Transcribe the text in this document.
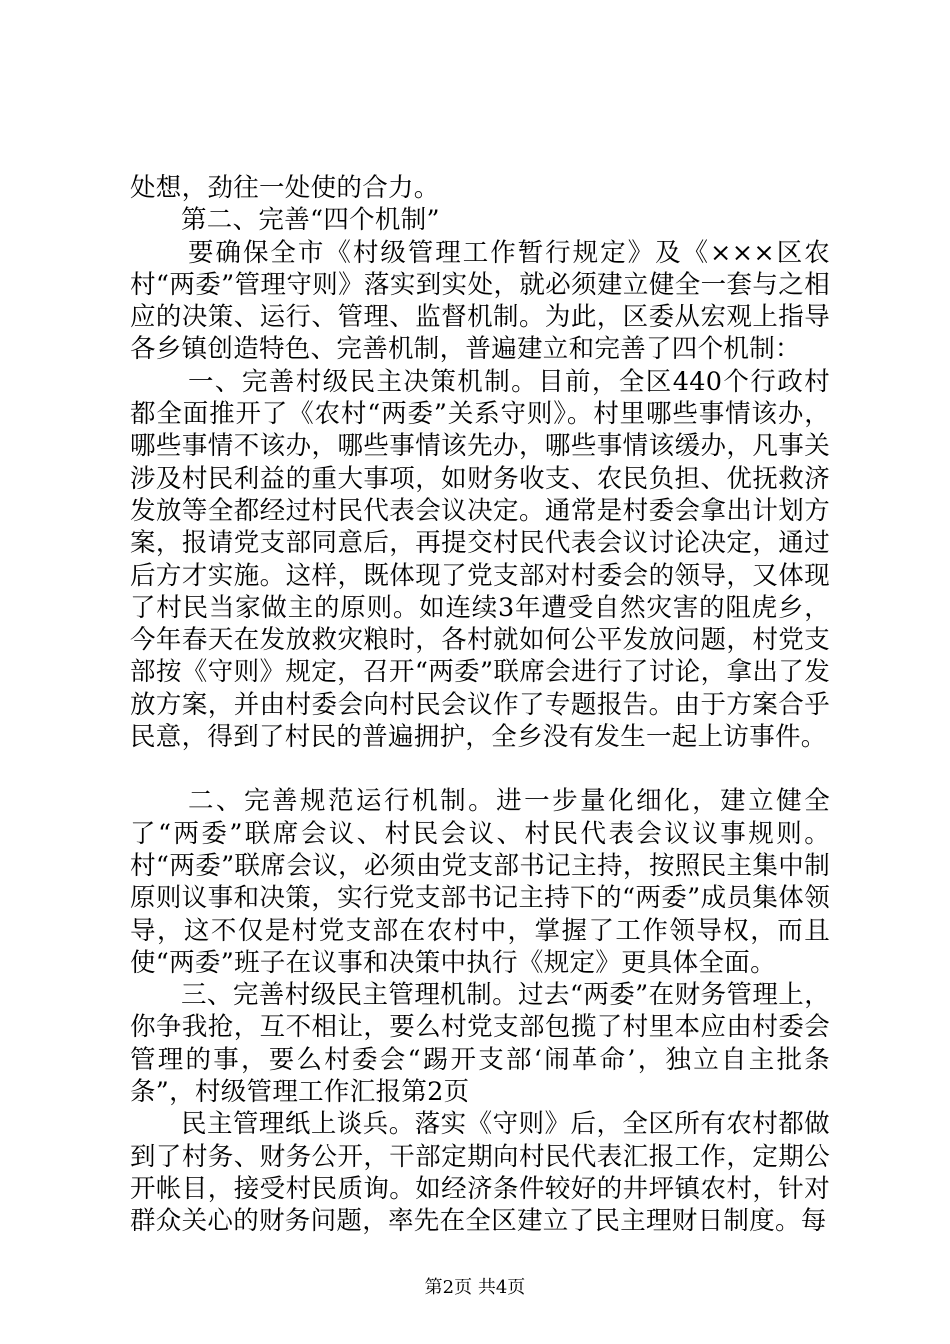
处想，劲往一处使的合力。

第二、完善“四个机制”

要确保全市《村级管理工作暂行规定》及《×××区农村“两委”管理守则》落实到实处，就必须建立健全一套与之相应的决策、运行、管理、监督机制。为此，区委从宏观上指导各乡镇创造特色、完善机制，普遍建立和完善了四个机制：

一、完善村级民主决策机制。目前，全区440个行政村都全面推开了《农村“两委”关系守则》。村里哪些事情该办，哪些事情不该办，哪些事情该先办，哪些事情该缓办，凡事关涉及村民利益的重大事项，如财务收支、农民负担、优抚救济发放等全都经过村民代表会议决定。通常是村委会拿出计划方案，报请党支部同意后，再提交村民代表会议讨论决定，通过后方才实施。这样，既体现了党支部对村委会的领导，又体现了村民当家做主的原则。如连续3年遭受自然灾害的阻虎乡，今年春天在发放救灾粮时，各村就如何公平发放问题，村党支部按《守则》规定，召开“两委”联席会进行了讨论，拿出了发放方案，并由村委会向村民会议作了专题报告。由于方案合乎民意，得到了村民的普遍拥护，全乡没有发生一起上访事件。

二、完善规范运行机制。进一步量化细化，建立健全了“两委”联席会议、村民会议、村民代表会议议事规则。村“两委”联席会议，必须由党支部书记主持，按照民主集中制原则议事和决策，实行党支部书记主持下的“两委”成员集体领导，这不仅是村党支部在农村中，掌握了工作领导权，而且使“两委”班子在议事和决策中执行《规定》更具体全面。

三、完善村级民主管理机制。过去“两委”在财务管理上，你争我抢，互不相让，要么村党支部包揽了村里本应由村委会管理的事，要么村委会“踢开支部‘闹革命’，独立自主批条条”，村级管理工作汇报第2页

民主管理纸上谈兵。落实《守则》后，全区所有农村都做到了村务、财务公开，干部定期向村民代表汇报工作，定期公开帐目，接受村民质询。如经济条件较好的井坪镇农村，针对群众关心的财务问题，率先在全区建立了民主理财日制度。每

第2页 共4页
